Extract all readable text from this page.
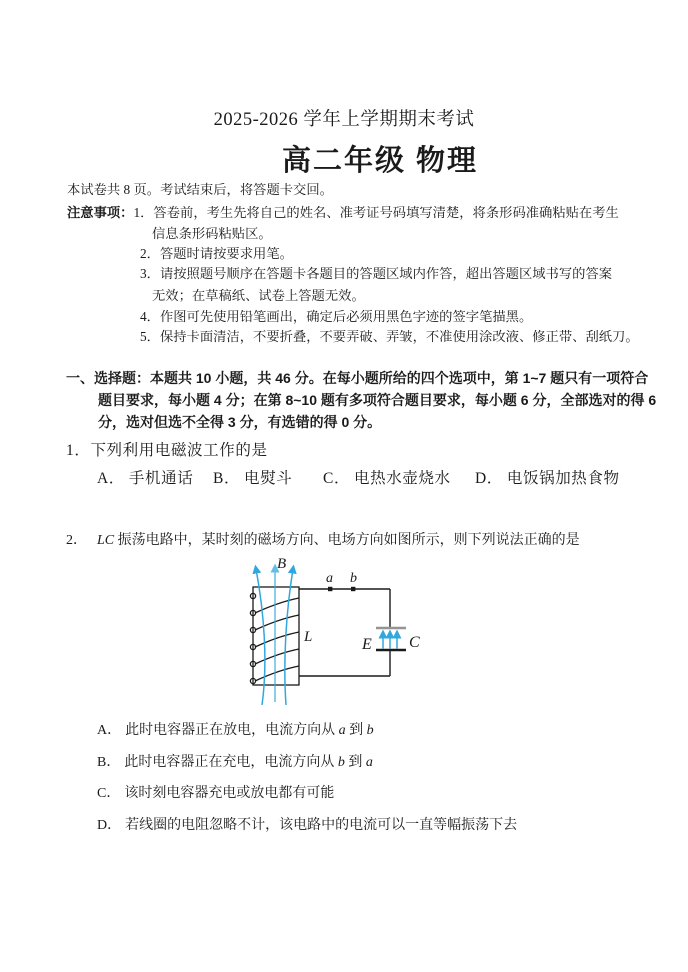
2025-2026 学年上学期期末考试
高二年级 物理
本试卷共 8 页。考试结束后，将答题卡交回。
注意事项：1．答卷前，考生先将自己的姓名、准考证号码填写清楚，将条形码准确粘贴在考生
信息条形码粘贴区。
2．答题时请按要求用笔。
3．请按照题号顺序在答题卡各题目的答题区域内作答，超出答题区域书写的答案
无效；在草稿纸、试卷上答题无效。
4．作图可先使用铅笔画出，确定后必须用黑色字迹的签字笔描黑。
5．保持卡面清洁，不要折叠，不要弄破、弄皱，不准使用涂改液、修正带、刮纸刀。
一、选择题：本题共 10 小题，共 46 分。在每小题所给的四个选项中，第 1~7 题只有一项符合
题目要求，每小题 4 分；在第 8~10 题有多项符合题目要求，每小题 6 分，全部选对的得 6
分，选对但选不全得 3 分，有选错的得 0 分。
1．下列利用电磁波工作的是
A． 手机通话 B． 电熨斗 C． 电热水壶烧水 D． 电饭锅加热食物
2． LC 振荡电路中，某时刻的磁场方向、电场方向如图所示，则下列说法正确的是
B
L
a b
E C
A． 此时电容器正在放电，电流方向从 a 到 b
B． 此时电容器正在充电，电流方向从 b 到 a
C． 该时刻电容器充电或放电都有可能
D． 若线圈的电阻忽略不计，该电路中的电流可以一直等幅振荡下去
